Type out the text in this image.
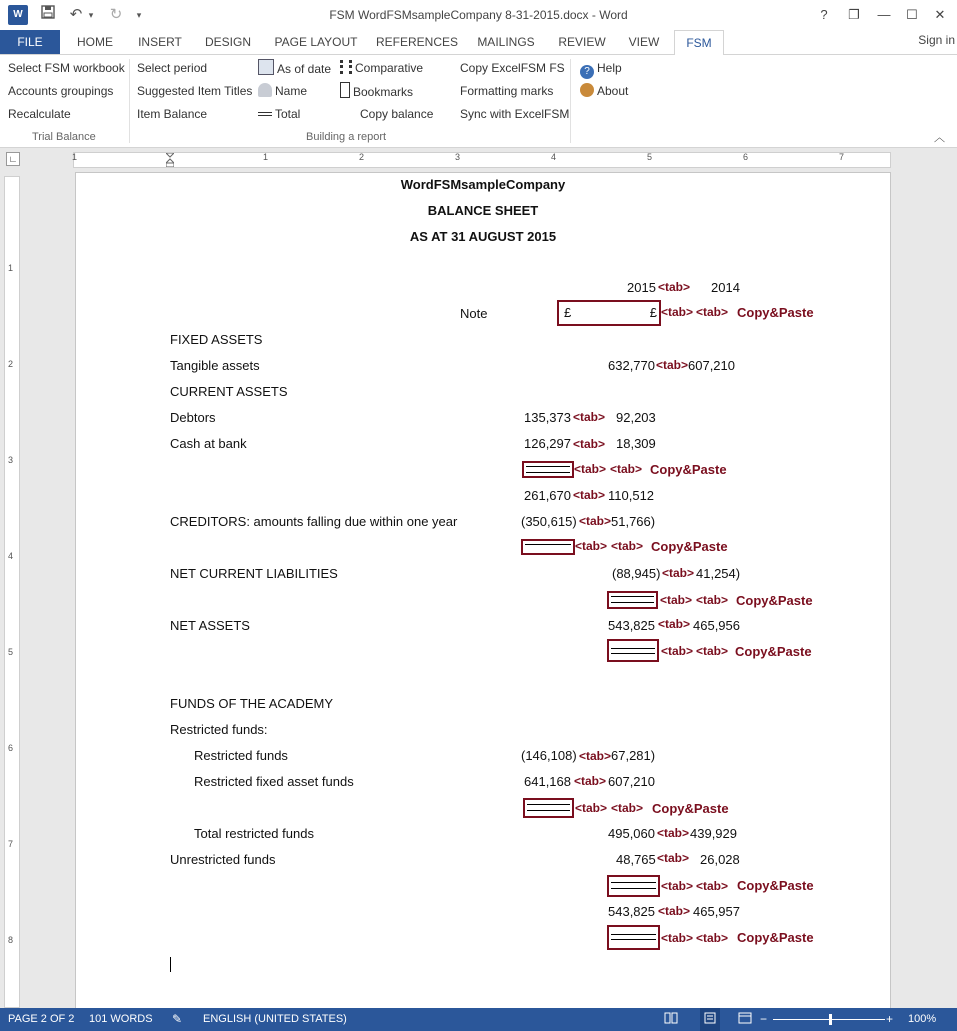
W	↶ ▾ ↻	▾	FSM WordFSMsampleCompany 8-31-2015.docx - Word	?	❐	—	☐	✕
FILE	HOME	INSERT	DESIGN	PAGE LAYOUT	REFERENCES	MAILINGS	REVIEW	VIEW	FSM	Sign in
Select FSM workbook
Accounts groupings
Recalculate
Trial Balance
Select period
Suggested Item Titles
Item Balance
As of date
Name
Total
Comparative
Bookmarks
Copy balance
Copy ExcelFSM FS
Formatting marks
Sync with ExcelFSM
Building a report
? Help
About
︿
∟	1	1	2	3	4	5	6	7
1
2
3
4
5
6
7
8
WordFSMsampleCompany
BALANCE SHEET
AS AT 31 AUGUST 2015
2015 <tab> 2014
Note	£	£ <tab> <tab> Copy&Paste
FIXED ASSETS
Tangible assets	632,770 <tab> 607,210
CURRENT ASSETS
Debtors	135,373 <tab> 92,203
Cash at bank	126,297 <tab> 18,309
<tab> <tab> Copy&Paste
261,670 <tab> 110,512
CREDITORS: amounts falling due within one year	(350,615) <tab> 51,766)
<tab> <tab> Copy&Paste
NET CURRENT LIABILITIES	(88,945) <tab> 41,254)
<tab> <tab> Copy&Paste
NET ASSETS	543,825 <tab> 465,956
<tab> <tab> Copy&Paste
FUNDS OF THE ACADEMY
Restricted funds:
Restricted funds	(146,108) <tab> 67,281)
Restricted fixed asset funds	641,168 <tab> 607,210
<tab> <tab> Copy&Paste
Total restricted funds	495,060 <tab> 439,929
Unrestricted funds	48,765 <tab> 26,028
<tab> <tab> Copy&Paste
543,825 <tab> 465,957
<tab> <tab> Copy&Paste
PAGE 2 OF 2 101 WORDS ✎ ENGLISH (UNITED STATES)	−	+ 100%
